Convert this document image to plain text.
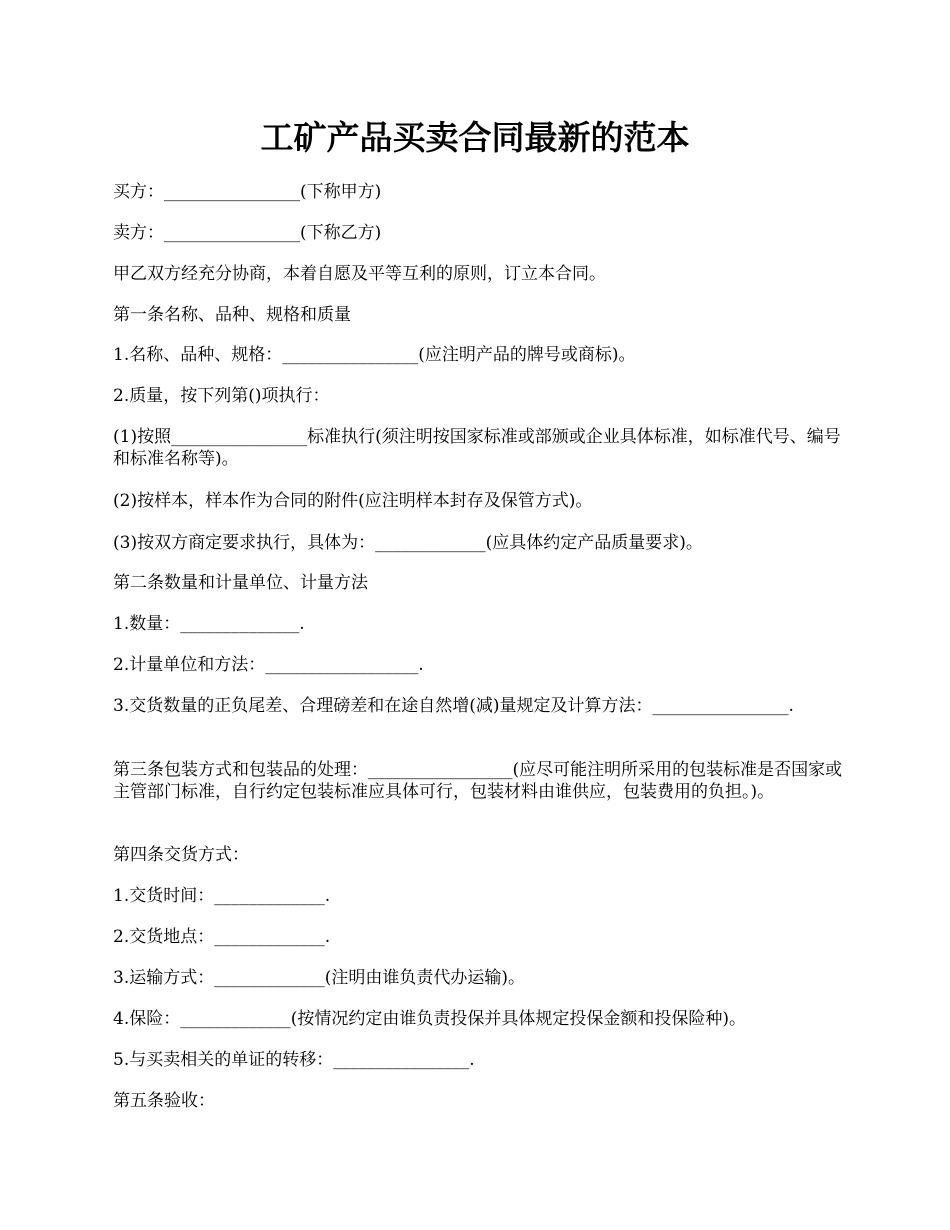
工矿产品买卖合同最新的范本

买方：________________(下称甲方)

卖方：________________(下称乙方)

甲乙双方经充分协商，本着自愿及平等互利的原则，订立本合同。

第一条名称、品种、规格和质量

1.名称、品种、规格：________________(应注明产品的牌号或商标)。

2.质量，按下列第()项执行：

(1)按照________________标准执行(须注明按国家标准或部颁或企业具体标准，如标准代号、编号和标准名称等)。

(2)按样本，样本作为合同的附件(应注明样本封存及保管方式)。

(3)按双方商定要求执行，具体为：_____________(应具体约定产品质量要求)。

第二条数量和计量单位、计量方法

1.数量：______________.

2.计量单位和方法：__________________.

3.交货数量的正负尾差、合理磅差和在途自然增(减)量规定及计算方法：________________.

第三条包装方式和包装品的处理：_________________(应尽可能注明所采用的包装标准是否国家或主管部门标准，自行约定包装标准应具体可行，包装材料由谁供应，包装费用的负担。)。

第四条交货方式：

1.交货时间：_____________.

2.交货地点：_____________.

3.运输方式：_____________(注明由谁负责代办运输)。

4.保险：_____________(按情况约定由谁负责投保并具体规定投保金额和投保险种)。

5.与买卖相关的单证的转移：________________.

第五条验收：
